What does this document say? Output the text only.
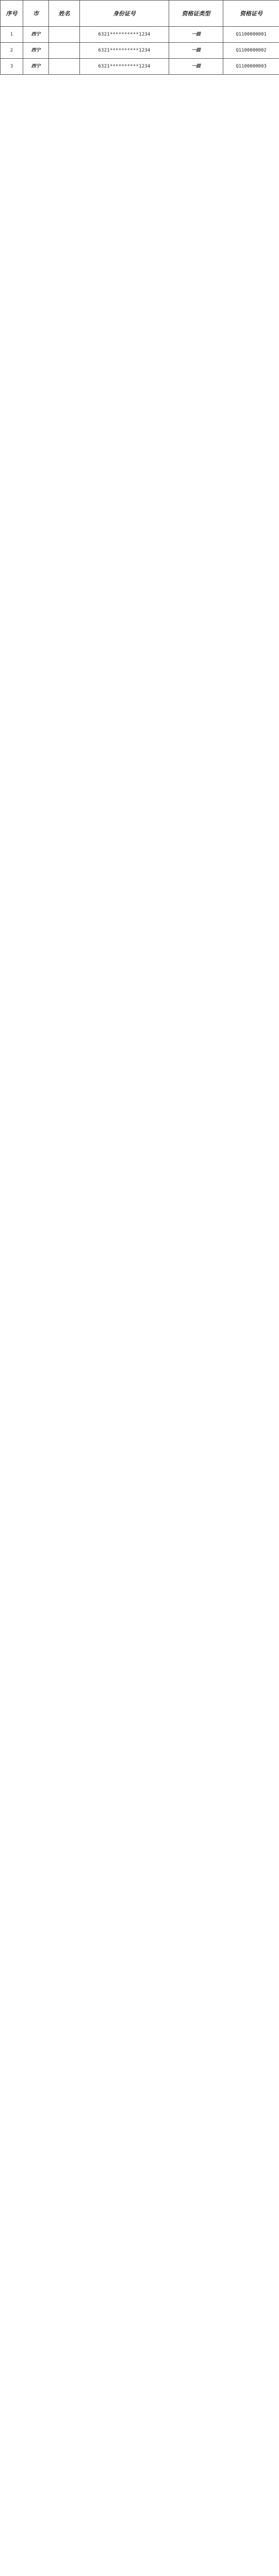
序号	市	姓名	身份证号	资格证类型	资格证号
1	西宁		6321**********1234	一级	Q1100000001
2	西宁		6321**********1234	一级	Q1100000002
3	西宁		6321**********1234	一级	Q1100000003
